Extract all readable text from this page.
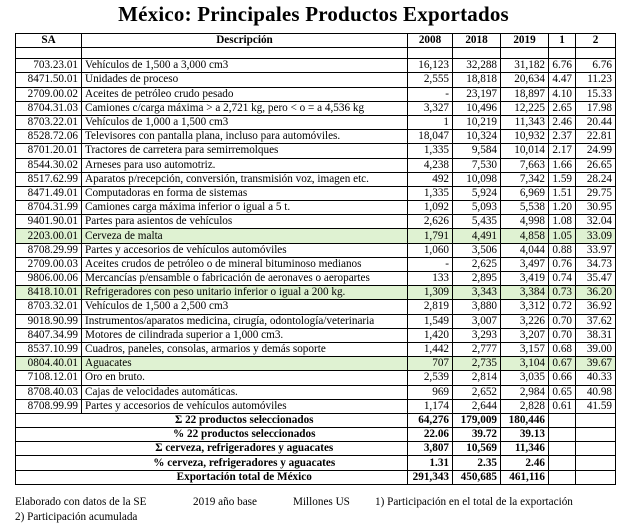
México: Principales Productos Exportados
SA	Descripción	2008	2018	2019	1	2

703.23.01	Vehículos de 1,500 a 3,000 cm3	16,123	32,288	31,182	6.76	6.76
8471.50.01	Unidades de proceso	2,555	18,818	20,634	4.47	11.23
2709.00.02	Aceites de petróleo crudo pesado	-	23,197	18,897	4.10	15.33
8704.31.03	Camiones c/carga máxima > a 2,721 kg, pero < o = a 4,536 kg	3,327	10,496	12,225	2.65	17.98
8703.22.01	Vehículos de 1,000 a 1,500 cm3	1	10,219	11,343	2.46	20.44
8528.72.06	Televisores con pantalla plana, incluso para automóviles.	18,047	10,324	10,932	2.37	22.81
8701.20.01	Tractores de carretera para semirremolques	1,335	9,584	10,014	2.17	24.99
8544.30.02	Arneses para uso automotriz.	4,238	7,530	7,663	1.66	26.65
8517.62.99	Aparatos p/recepción, conversión, transmisión voz, imagen etc.	492	10,098	7,342	1.59	28.24
8471.49.01	Computadoras en forma de sistemas	1,335	5,924	6,969	1.51	29.75
8704.31.99	Camiones carga máxima inferior o igual a 5 t.	1,092	5,093	5,538	1.20	30.95
9401.90.01	Partes para asientos de vehículos	2,626	5,435	4,998	1.08	32.04
2203.00.01	Cerveza de malta	1,791	4,491	4,858	1.05	33.09
8708.29.99	Partes y accesorios de vehículos automóviles	1,060	3,506	4,044	0.88	33.97
2709.00.03	Aceites crudos de petróleo o de mineral bituminoso medianos	-	2,625	3,497	0.76	34.73
9806.00.06	Mercancías p/ensamble o fabricación de aeronaves o aeropartes	133	2,895	3,419	0.74	35.47
8418.10.01	Refrigeradores con peso unitario inferior o igual a 200 kg.	1,309	3,343	3,384	0.73	36.20
8703.32.01	Vehículos de 1,500 a 2,500 cm3	2,819	3,880	3,312	0.72	36.92
9018.90.99	Instrumentos/aparatos medicina, cirugía, odontología/veterinaria	1,549	3,007	3,226	0.70	37.62
8407.34.99	Motores de cilindrada superior a 1,000 cm3.	1,420	3,293	3,207	0.70	38.31
8537.10.99	Cuadros, paneles, consolas, armarios y demás soporte	1,442	2,777	3,157	0.68	39.00
0804.40.01	Aguacates	707	2,735	3,104	0.67	39.67
7108.12.01	Oro en bruto.	2,539	2,814	3,035	0.66	40.33
8708.40.03	Cajas de velocidades automáticas.	969	2,652	2,984	0.65	40.98
8708.99.99	Partes y accesorios de vehículos automóviles	1,174	2,644	2,828	0.61	41.59
	Σ 22 productos seleccionados	64,276	179,009	180,446		
	% 22 productos seleccionados	22.06	39.72	39.13		
	Σ cerveza, refrigeradores y aguacates	3,807	10,569	11,346		
	% cerveza, refrigeradores y aguacates	1.31	2.35	2.46		
	Exportación total de México	291,343	450,685	461,116		
Elaborado con datos de la SE	2019 año base	Millones US 1) Participación en el total de la exportación
2) Participación acumulada
